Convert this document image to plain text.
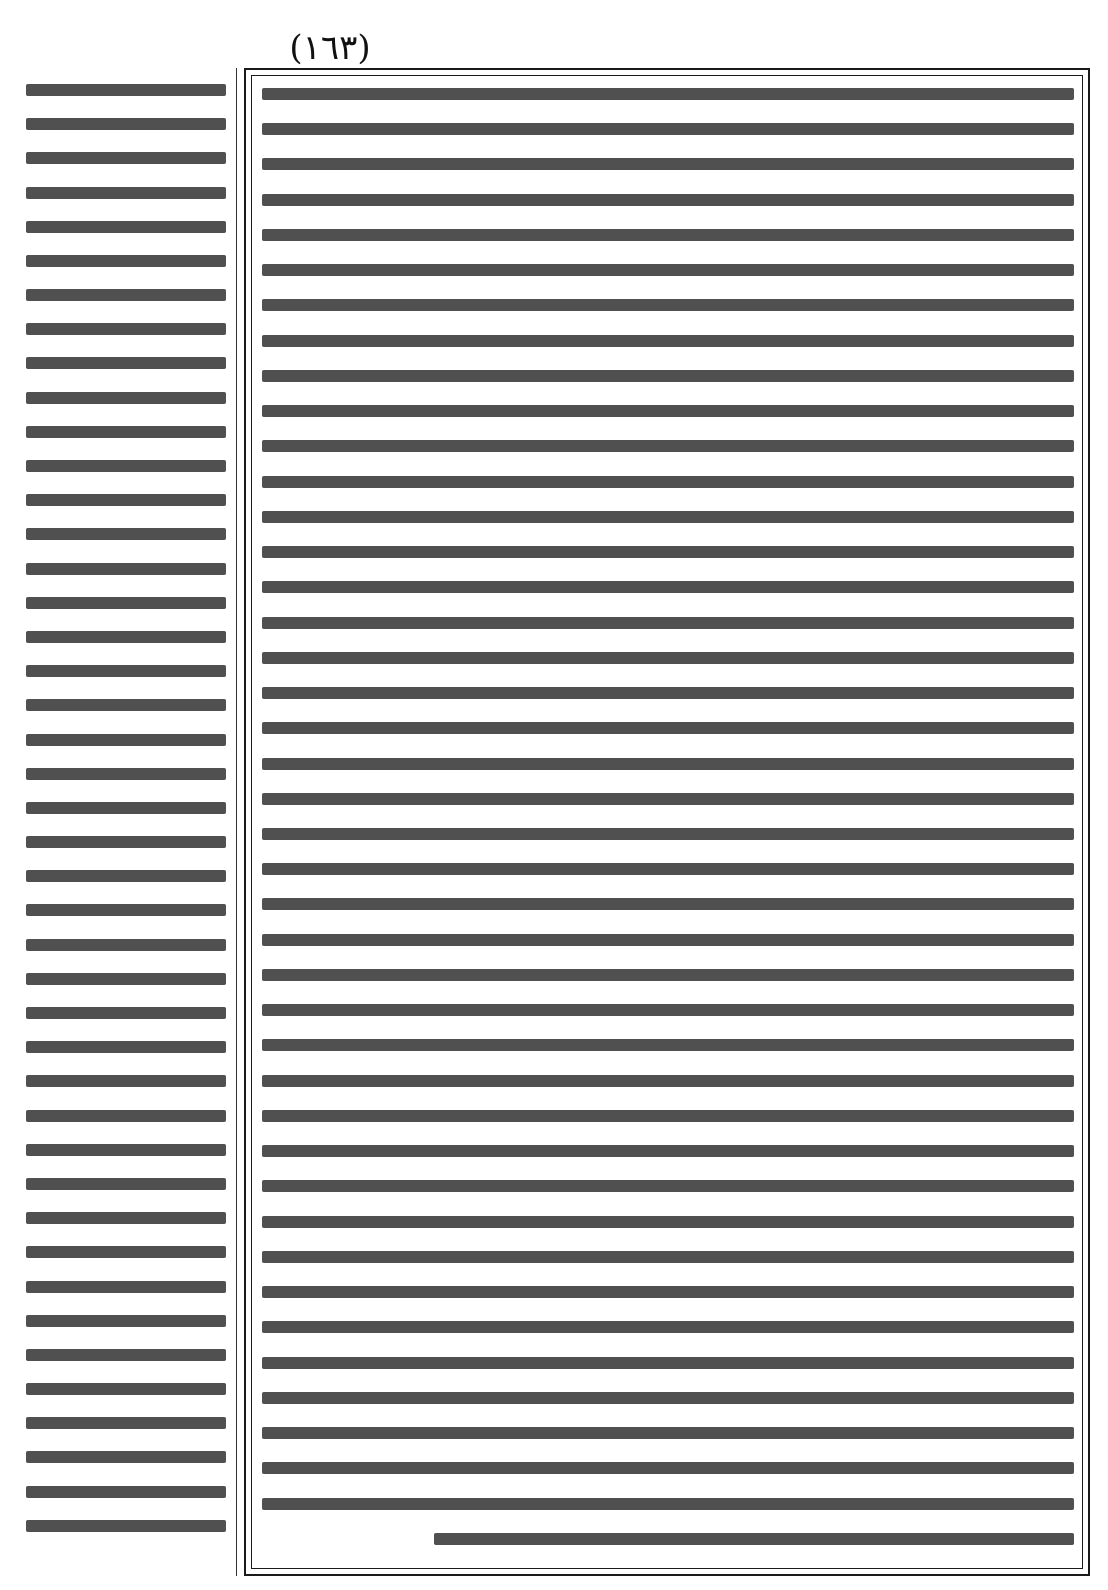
(١٦٣)
